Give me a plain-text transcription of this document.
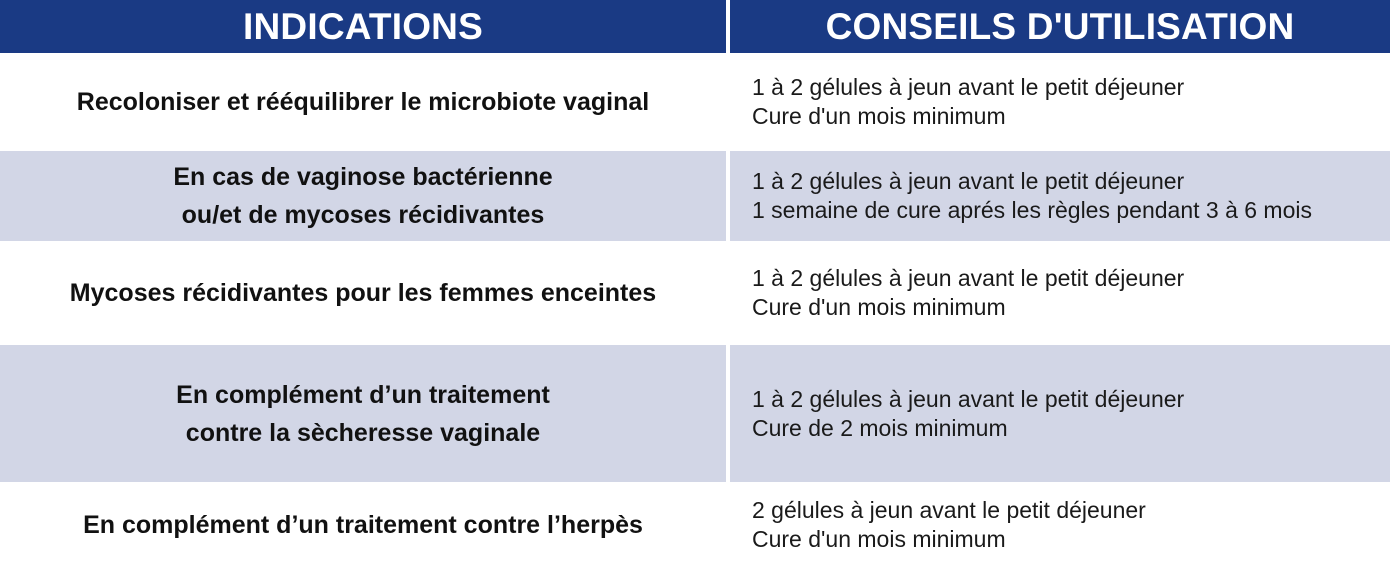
INDICATIONS	CONSEILS D'UTILISATION
Recoloniser et rééquilibrer le microbiote vaginal
1 à 2 gélules à jeun avant le petit déjeuner
Cure d'un mois minimum
En cas de vaginose bactérienne
ou/et de mycoses récidivantes
1 à 2 gélules à jeun avant le petit déjeuner
1 semaine de cure aprés les règles pendant 3 à 6 mois
Mycoses récidivantes pour les femmes enceintes
1 à 2 gélules à jeun avant le petit déjeuner
Cure d'un mois minimum
En complément d’un traitement
contre la sècheresse vaginale
1 à 2 gélules à jeun avant le petit déjeuner
Cure de 2 mois minimum
En complément d’un traitement contre l’herpès
2 gélules à jeun avant le petit déjeuner
Cure d'un mois minimum
